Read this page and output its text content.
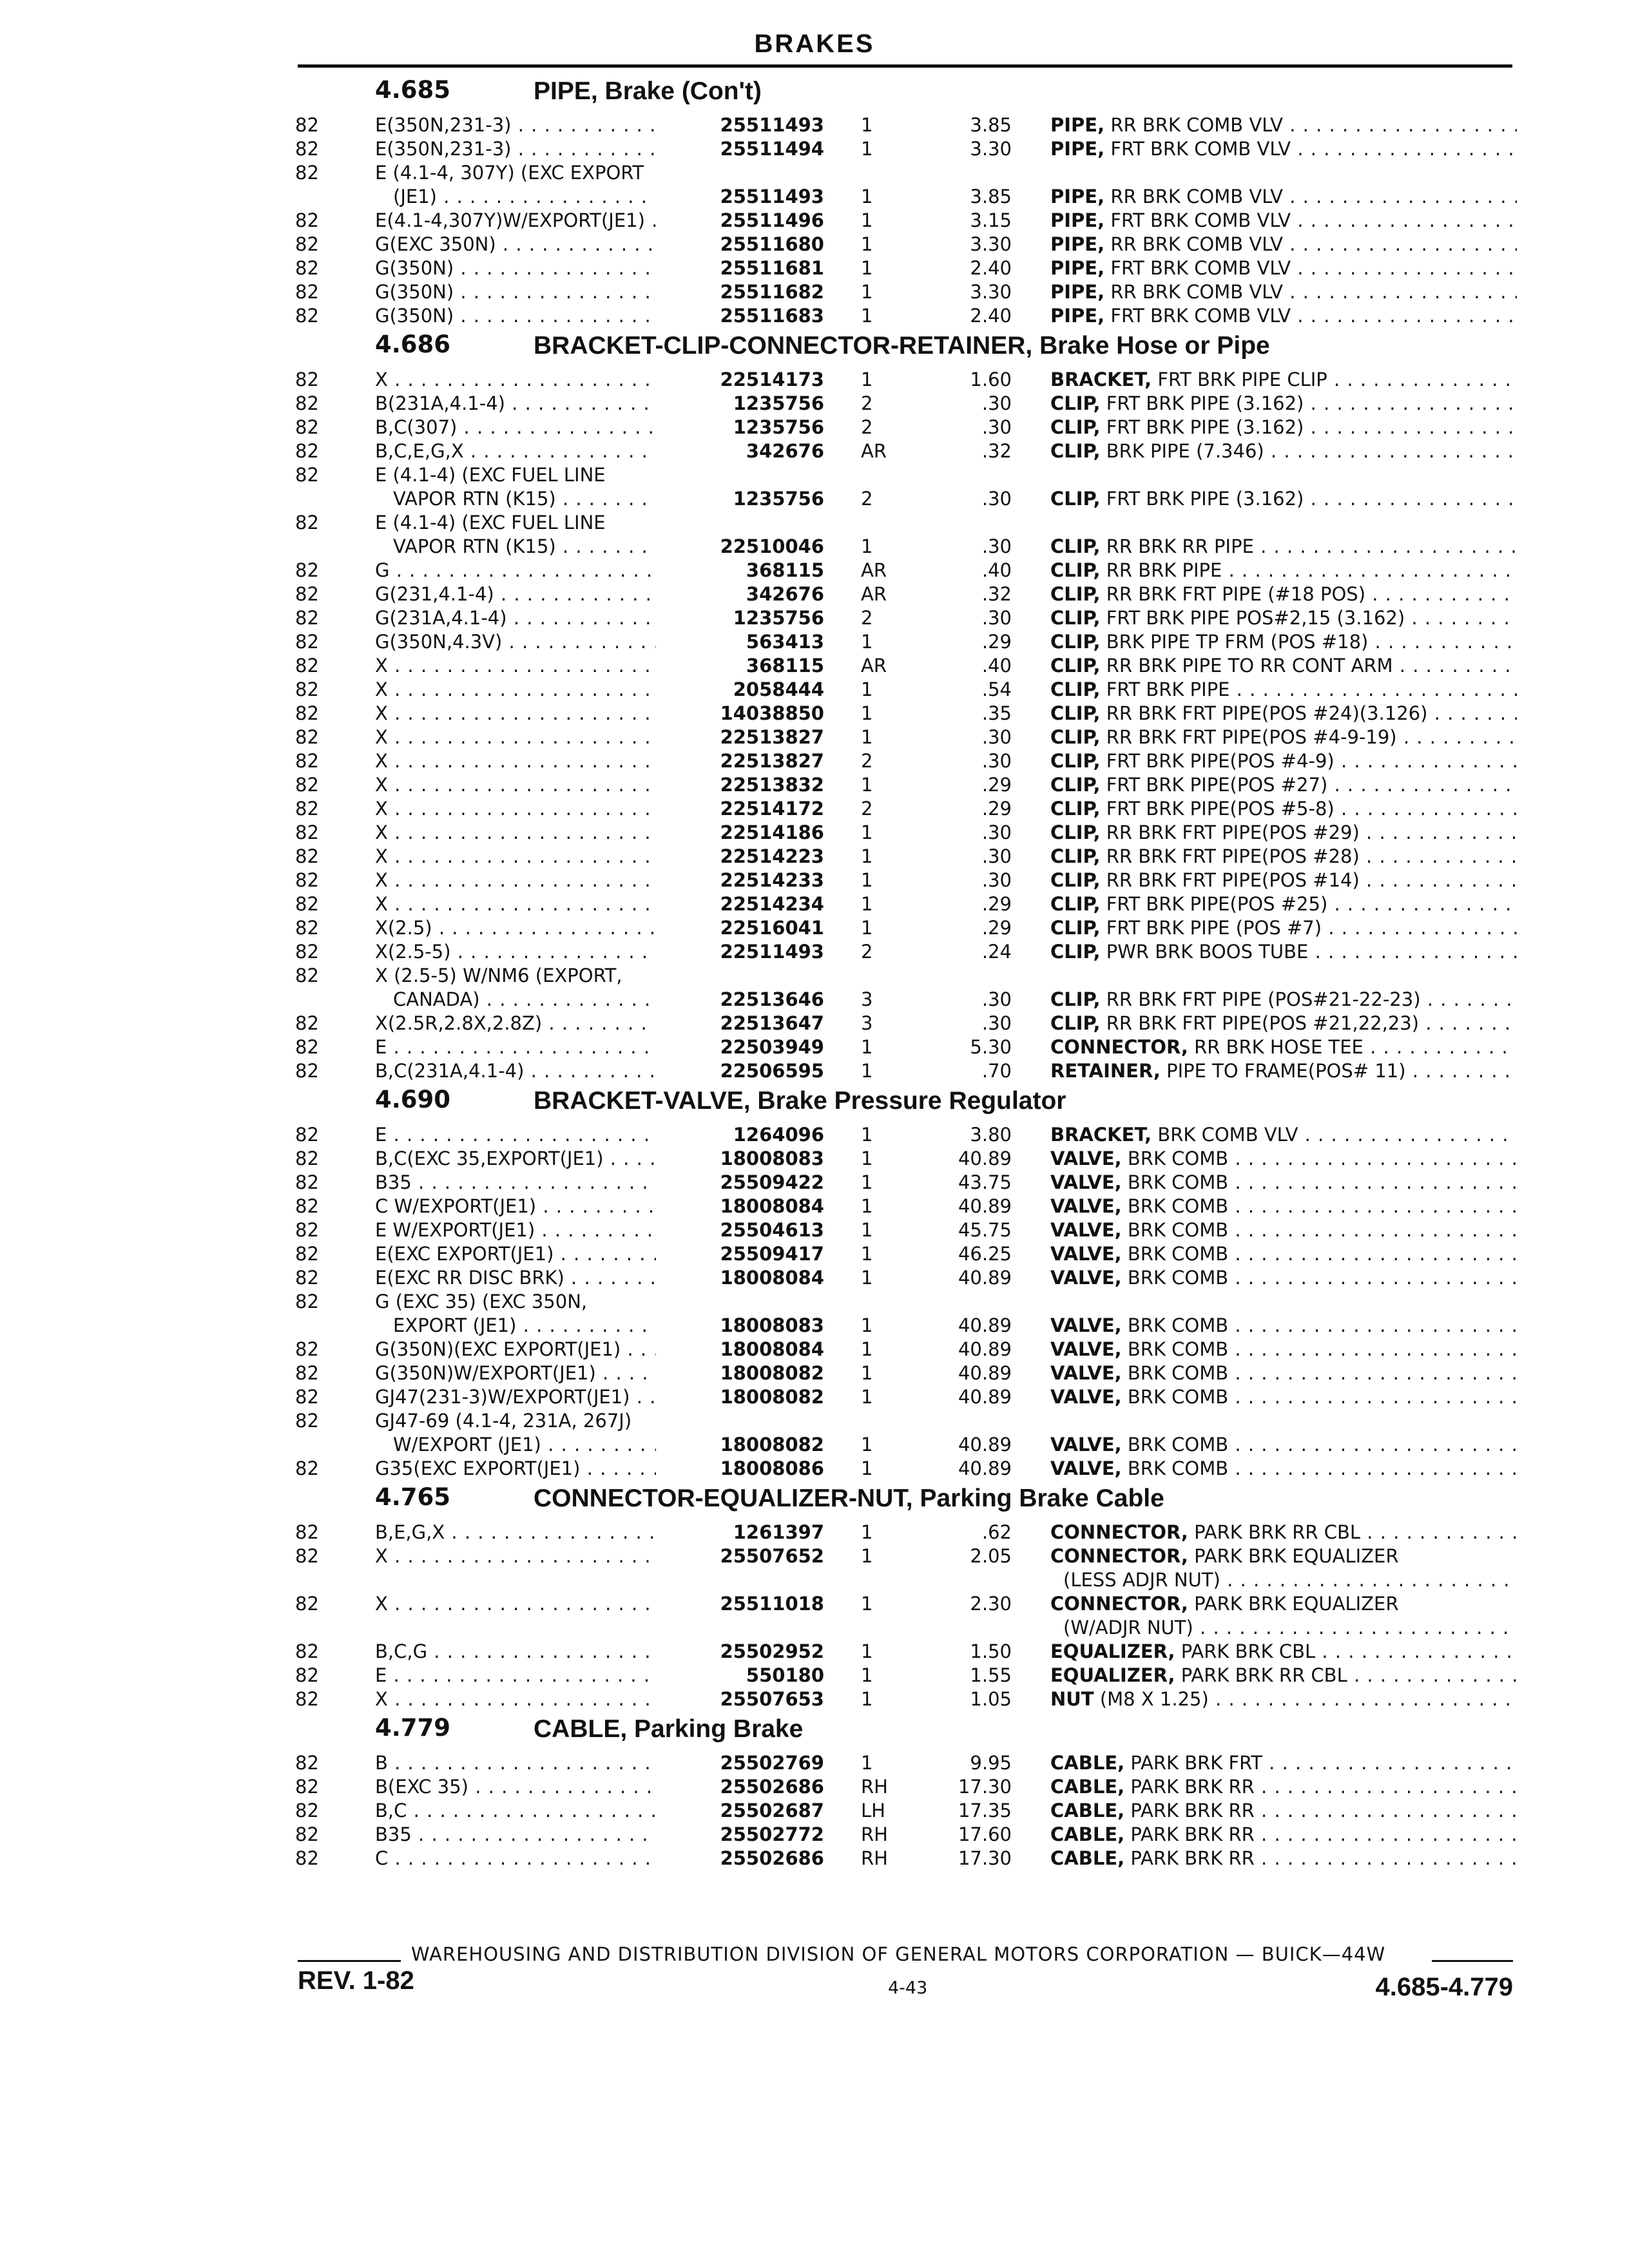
BRAKES
4.685	PIPE, Brake (Con't)
82	E(350N,231-3) . . .	25511493 1	3.85 PIPE, RR BRK COMB VLV . . .
82	E(350N,231-3) . . .	25511494 1	3.30 PIPE, FRT BRK COMB VLV . . .
82	E (4.1-4, 307Y) (EXC EXPORT
(JE1) . . .	25511493 1	3.85 PIPE, RR BRK COMB VLV . . .
82	E(4.1-4,307Y)W/EXPORT(JE1) . . .	25511496 1	3.15 PIPE, FRT BRK COMB VLV . . .
82	G(EXC 350N) . . .	25511680 1	3.30 PIPE, RR BRK COMB VLV . . .
82	G(350N) . . .	25511681 1	2.40 PIPE, FRT BRK COMB VLV . . .
82	G(350N) . . .	25511682 1	3.30 PIPE, RR BRK COMB VLV . . .
82	G(350N) . . .	25511683 1	2.40 PIPE, FRT BRK COMB VLV . . .
4.686	BRACKET-CLIP-CONNECTOR-RETAINER, Brake Hose or Pipe
82	X . . .	22514173 1	1.60 BRACKET, FRT BRK PIPE CLIP . . .
82	B(231A,4.1-4) . . .	1235756 2	.30 CLIP, FRT BRK PIPE (3.162) . . .
82	B,C(307) . . .	1235756 2	.30 CLIP, FRT BRK PIPE (3.162) . . .
82	B,C,E,G,X . . .	342676 AR	.32 CLIP, BRK PIPE (7.346) . . .
82	E (4.1-4) (EXC FUEL LINE
VAPOR RTN (K15) . . .	1235756 2	.30 CLIP, FRT BRK PIPE (3.162) . . .
82	E (4.1-4) (EXC FUEL LINE
VAPOR RTN (K15) . . .	22510046 1	.30 CLIP, RR BRK RR PIPE . . .
82	G . . .	368115 AR	.40 CLIP, RR BRK PIPE . . .
82	G(231,4.1-4) . . .	342676 AR	.32 CLIP, RR BRK FRT PIPE (#18 POS) . . .
82	G(231A,4.1-4) . . .	1235756 2	.30 CLIP, FRT BRK PIPE POS#2,15 (3.162) . . .
82	G(350N,4.3V) . . .	563413 1	.29 CLIP, BRK PIPE TP FRM (POS #18) . . .
82	X . . .	368115 AR	.40 CLIP, RR BRK PIPE TO RR CONT ARM . . .
82	X . . .	2058444 1	.54 CLIP, FRT BRK PIPE . . .
82	X . . .	14038850 1	.35 CLIP, RR BRK FRT PIPE(POS #24)(3.126) . . .
82	X . . .	22513827 1	.30 CLIP, RR BRK FRT PIPE(POS #4-9-19) . . .
82	X . . .	22513827 2	.30 CLIP, FRT BRK PIPE(POS #4-9) . . .
82	X . . .	22513832 1	.29 CLIP, FRT BRK PIPE(POS #27) . . .
82	X . . .	22514172 2	.29 CLIP, FRT BRK PIPE(POS #5-8) . . .
82	X . . .	22514186 1	.30 CLIP, RR BRK FRT PIPE(POS #29) . . .
82	X . . .	22514223 1	.30 CLIP, RR BRK FRT PIPE(POS #28) . . .
82	X . . .	22514233 1	.30 CLIP, RR BRK FRT PIPE(POS #14) . . .
82	X . . .	22514234 1	.29 CLIP, FRT BRK PIPE(POS #25) . . .
82	X(2.5) . . .	22516041 1	.29 CLIP, FRT BRK PIPE (POS #7) . . .
82	X(2.5-5) . . .	22511493 2	.24 CLIP, PWR BRK BOOS TUBE . . .
82	X (2.5-5) W/NM6 (EXPORT,
CANADA) . . .	22513646 3	.30 CLIP, RR BRK FRT PIPE (POS#21-22-23) . . .
82	X(2.5R,2.8X,2.8Z) . . .	22513647 3	.30 CLIP, RR BRK FRT PIPE(POS #21,22,23) . . .
82	E . . .	22503949 1	5.30 CONNECTOR, RR BRK HOSE TEE . . .
82	B,C(231A,4.1-4) . . .	22506595 1	.70 RETAINER, PIPE TO FRAME(POS# 11) . . .
4.690	BRACKET-VALVE, Brake Pressure Regulator
82	E . . .	1264096 1	3.80 BRACKET, BRK COMB VLV . . .
82	B,C(EXC 35,EXPORT(JE1) . . .	18008083 1	40.89 VALVE, BRK COMB . . .
82	B35 . . .	25509422 1	43.75 VALVE, BRK COMB . . .
82	C W/EXPORT(JE1) . . .	18008084 1	40.89 VALVE, BRK COMB . . .
82	E W/EXPORT(JE1) . . .	25504613 1	45.75 VALVE, BRK COMB . . .
82	E(EXC EXPORT(JE1) . . .	25509417 1	46.25 VALVE, BRK COMB . . .
82	E(EXC RR DISC BRK) . . .	18008084 1	40.89 VALVE, BRK COMB . . .
82	G (EXC 35) (EXC 350N,
EXPORT (JE1) . . .	18008083 1	40.89 VALVE, BRK COMB . . .
82	G(350N)(EXC EXPORT(JE1) . . .	18008084 1	40.89 VALVE, BRK COMB . . .
82	G(350N)W/EXPORT(JE1) . . .	18008082 1	40.89 VALVE, BRK COMB . . .
82	GJ47(231-3)W/EXPORT(JE1) . . .	18008082 1	40.89 VALVE, BRK COMB . . .
82	GJ47-69 (4.1-4, 231A, 267J)
W/EXPORT (JE1) . . .	18008082 1	40.89 VALVE, BRK COMB . . .
82	G35(EXC EXPORT(JE1) . . .	18008086 1	40.89 VALVE, BRK COMB . . .
4.765	CONNECTOR-EQUALIZER-NUT, Parking Brake Cable
82	B,E,G,X . . .	1261397 1	.62 CONNECTOR, PARK BRK RR CBL . . .
82	X . . .	25507652 1	2.05 CONNECTOR, PARK BRK EQUALIZER
(LESS ADJR NUT) . . .
82	X . . .	25511018 1	2.30 CONNECTOR, PARK BRK EQUALIZER
(W/ADJR NUT) . . .
82	B,C,G . . .	25502952 1	1.50 EQUALIZER, PARK BRK CBL . . .
82	E . . .	550180 1	1.55 EQUALIZER, PARK BRK RR CBL . . .
82	X . . .	25507653 1	1.05 NUT (M8 X 1.25) . . .
4.779	CABLE, Parking Brake
82	B . . .	25502769 1	9.95 CABLE, PARK BRK FRT . . .
82	B(EXC 35) . . .	25502686 RH	17.30 CABLE, PARK BRK RR . . .
82	B,C . . .	25502687 LH	17.35 CABLE, PARK BRK RR . . .
82	B35 . . .	25502772 RH	17.60 CABLE, PARK BRK RR . . .
82	C . . .	25502686 RH	17.30 CABLE, PARK BRK RR . . .
WAREHOUSING AND DISTRIBUTION DIVISION OF GENERAL MOTORS CORPORATION — BUICK—44W
REV. 1-82	4-43	4.685-4.779
